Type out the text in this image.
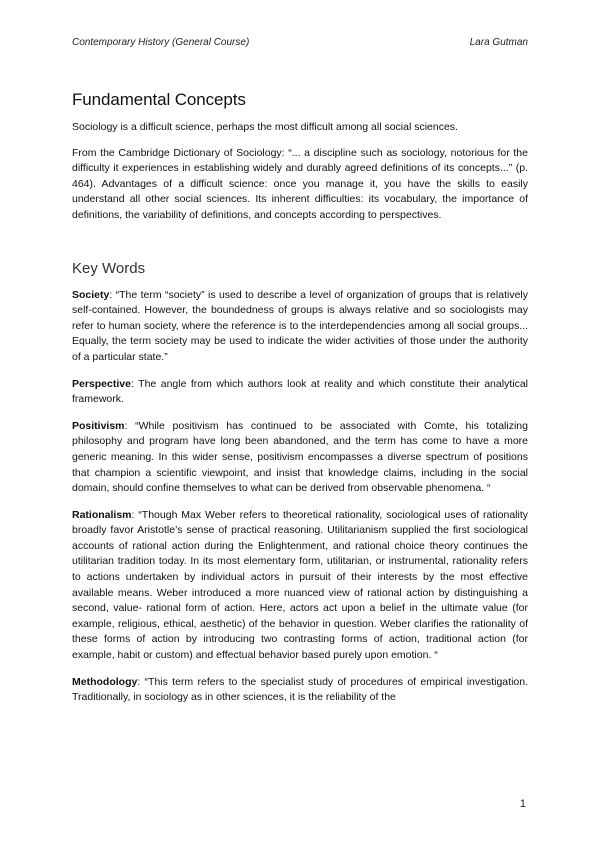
Contemporary History (General Course)	Lara Gutman
Fundamental Concepts

Sociology is a difficult science, perhaps the most difficult among all social sciences.

From the Cambridge Dictionary of Sociology: “... a discipline such as sociology, notorious for the difficulty it experiences in establishing widely and durably agreed definitions of its concepts...” (p. 464). Advantages of a difficult science: once you manage it, you have the skills to easily understand all other social sciences. Its inherent difficulties: its vocabulary, the importance of definitions, the variability of definitions, and concepts according to perspectives.

Key Words

Society: “The term “society” is used to describe a level of organization of groups that is relatively self-contained. However, the boundedness of groups is always relative and so sociologists may refer to human society, where the reference is to the interdependencies among all social groups... Equally, the term society may be used to indicate the wider activities of those under the authority of a particular state.”

Perspective: The angle from which authors look at reality and which constitute their analytical framework.

Positivism: “While positivism has continued to be associated with Comte, his totalizing philosophy and program have long been abandoned, and the term has come to have a more generic meaning. In this wider sense, positivism encompasses a diverse spectrum of positions that champion a scientific viewpoint, and insist that knowledge claims, including in the social domain, should confine themselves to what can be derived from observable phenomena. “

Rationalism: “Though Max Weber refers to theoretical rationality, sociological uses of rationality broadly favor Aristotle’s sense of practical reasoning. Utilitarianism supplied the first sociological accounts of rational action during the Enlightenment, and rational choice theory continues the utilitarian tradition today. In its most elementary form, utilitarian, or instrumental, rationality refers to actions undertaken by individual actors in pursuit of their interests by the most effective available means. Weber introduced a more nuanced view of rational action by distinguishing a second, value- rational form of action. Here, actors act upon a belief in the ultimate value (for example, religious, ethical, aesthetic) of the behavior in question. Weber clarifies the rationality of these forms of action by introducing two contrasting forms of action, traditional action (for example, habit or custom) and effectual behavior based purely upon emotion. “

Methodology: “This term refers to the specialist study of procedures of empirical investigation. Traditionally, in sociology as in other sciences, it is the reliability of the

1
